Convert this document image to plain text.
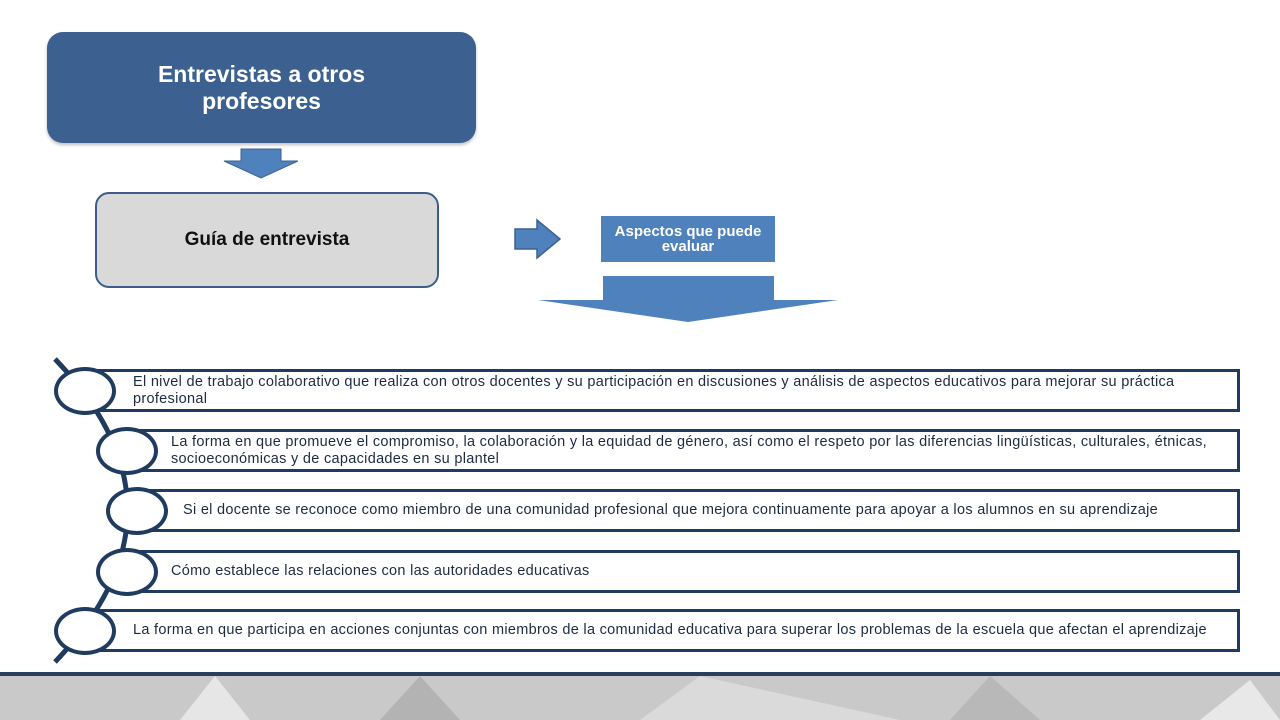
Entrevistas a otros profesores
Guía de entrevista	Aspectos que puede evaluar
El nivel de trabajo colaborativo que realiza con otros docentes y su participación en discusiones y análisis de aspectos educativos para mejorar su práctica profesional
La forma en que promueve el compromiso, la colaboración y la equidad de género, así como el respeto por las diferencias lingüísticas, culturales, étnicas, socioeconómicas y de capacidades en su plantel
Si el docente se reconoce como miembro de una comunidad profesional que mejora continuamente para apoyar a los alumnos en su aprendizaje
Cómo establece las relaciones con las autoridades educativas
La forma en que participa en acciones conjuntas con miembros de la comunidad educativa para superar los problemas de la escuela que afectan el aprendizaje
